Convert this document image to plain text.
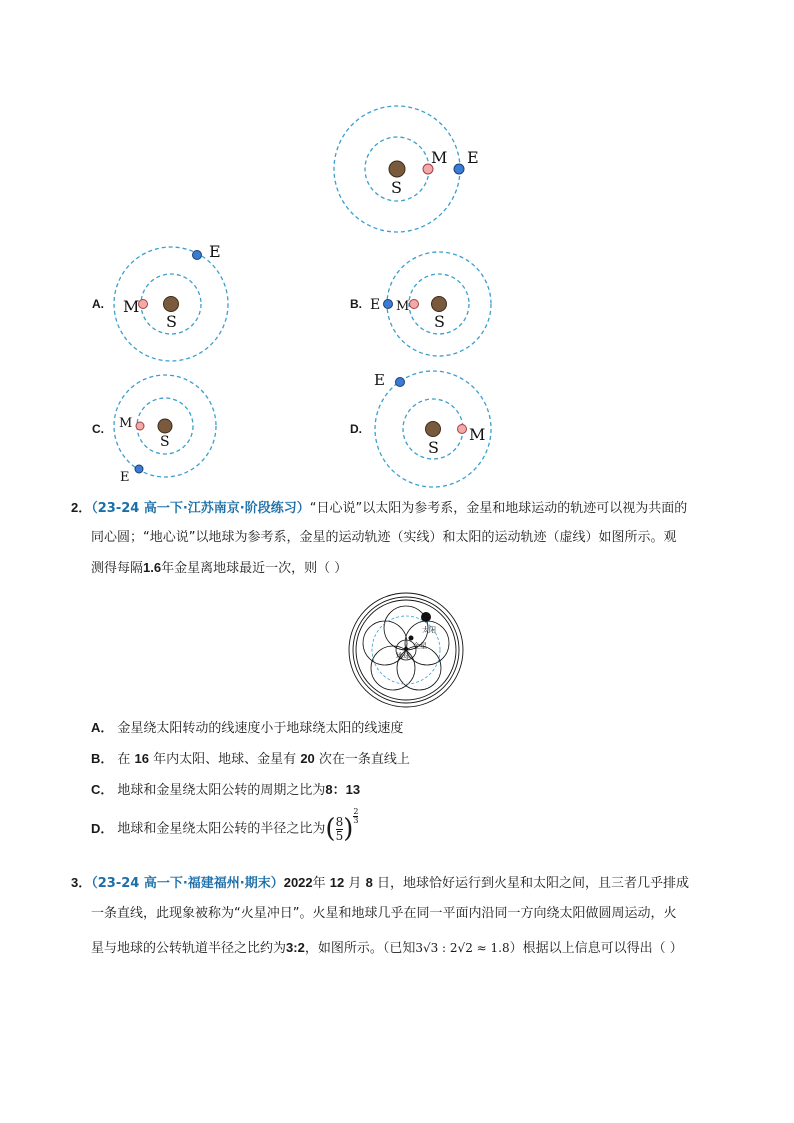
S
M E
A.
S
M
E
B.
S
M
E
C.
S
M
E
D.
S
M
E
2．（23-24 高一下·江苏南京·阶段练习）“日心说”以太阳为参考系，金星和地球运动的轨迹可以视为共面的
同心圆；“地心说”以地球为参考系，金星的运动轨迹（实线）和太阳的运动轨迹（虚线）如图所示。观
测得每隔1.6年金星离地球最近一次，则（ ）
太阳
金星
地球
A． 金星绕太阳转动的线速度小于地球绕太阳的线速度
B． 在 16 年内太阳、地球、金星有 20 次在一条直线上
C． 地球和金星绕太阳公转的周期之比为8：13
D． 地球和金星绕太阳公转的半径之比为( $\frac{8}{5}$ ) $\frac{2}{3}$
3．（23-24 高一下·福建福州·期末）2022年 12 月 8 日，地球恰好运行到火星和太阳之间，且三者几乎排成
一条直线，此现象被称为“火星冲日”。火星和地球几乎在同一平面内沿同一方向绕太阳做圆周运动，火
星与地球的公转轨道半径之比约为3:2，如图所示。（已知3√3 : 2√2 ≈ 1.8）根据以上信息可以得出（ ）
